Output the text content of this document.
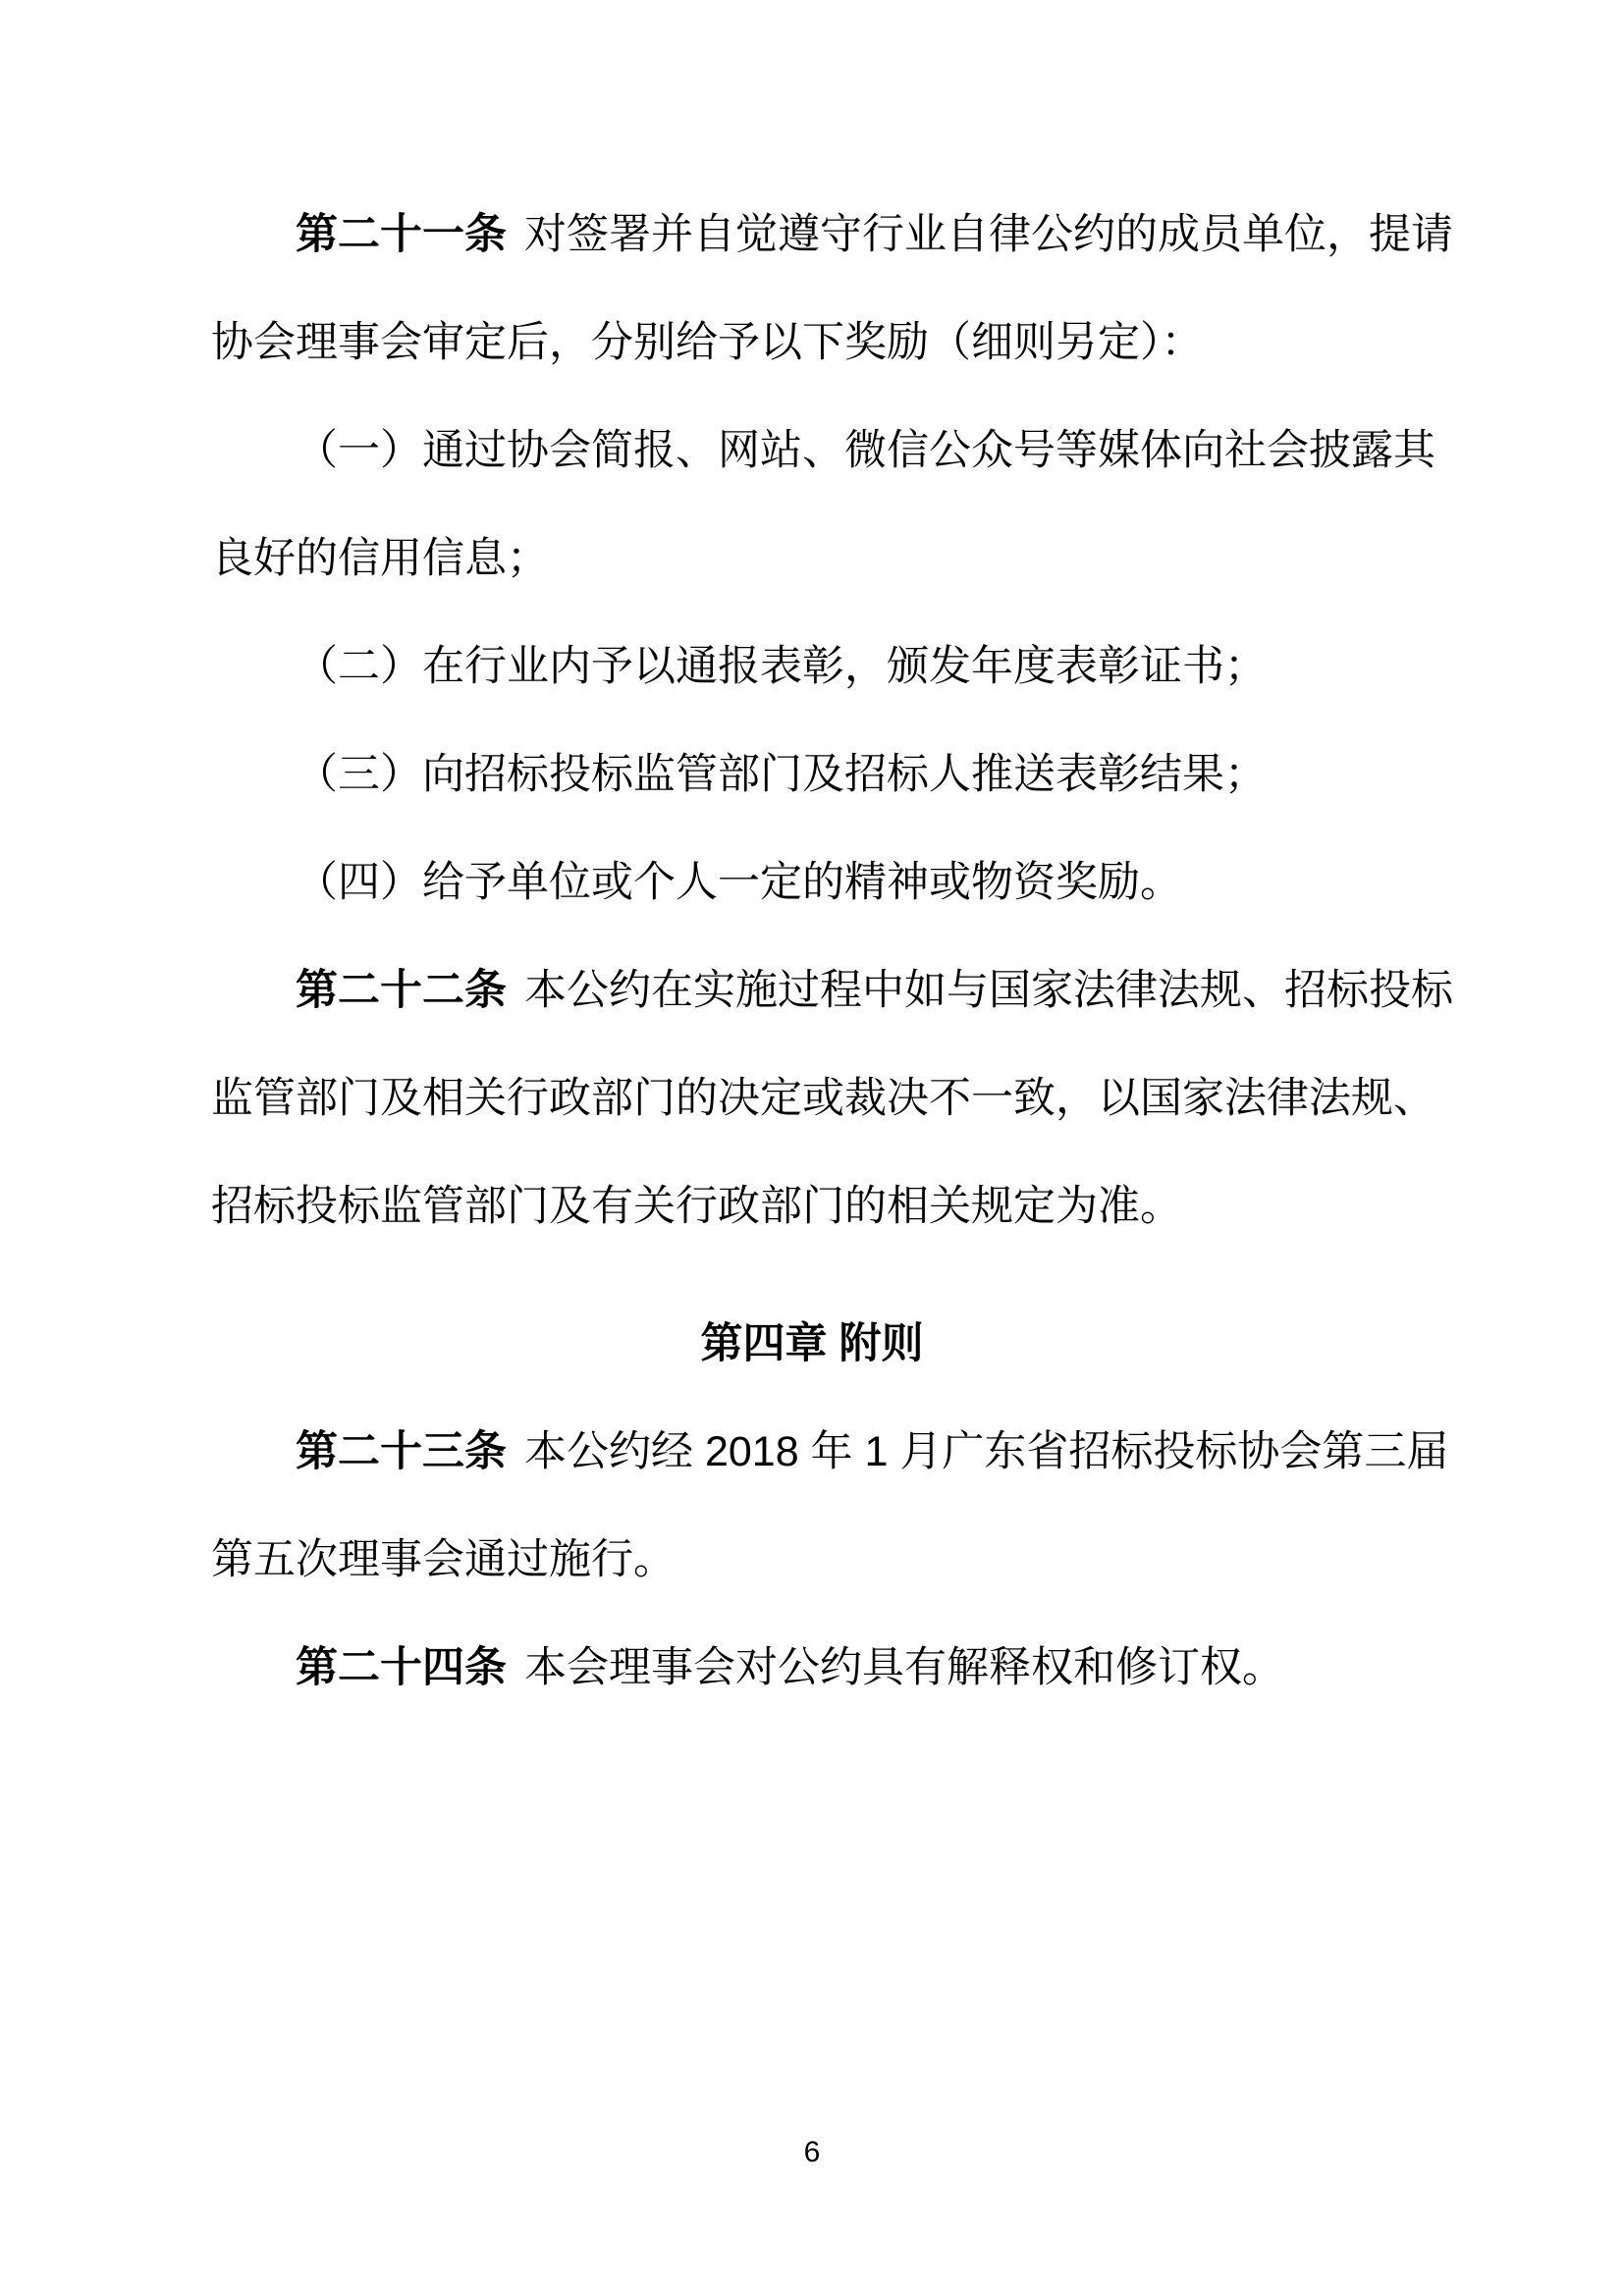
第二十一条 对签署并自觉遵守行业自律公约的成员单位，提请
协会理事会审定后，分别给予以下奖励（细则另定）：
（一）通过协会简报、网站、微信公众号等媒体向社会披露其
良好的信用信息；
（二）在行业内予以通报表彰，颁发年度表彰证书；
（三）向招标投标监管部门及招标人推送表彰结果；
（四）给予单位或个人一定的精神或物资奖励。
第二十二条 本公约在实施过程中如与国家法律法规、招标投标
监管部门及相关行政部门的决定或裁决不一致，以国家法律法规、
招标投标监管部门及有关行政部门的相关规定为准。
第四章 附则
第二十三条 本公约经 2018 年 1 月广东省招标投标协会第三届
第五次理事会通过施行。
第二十四条 本会理事会对公约具有解释权和修订权。
6
